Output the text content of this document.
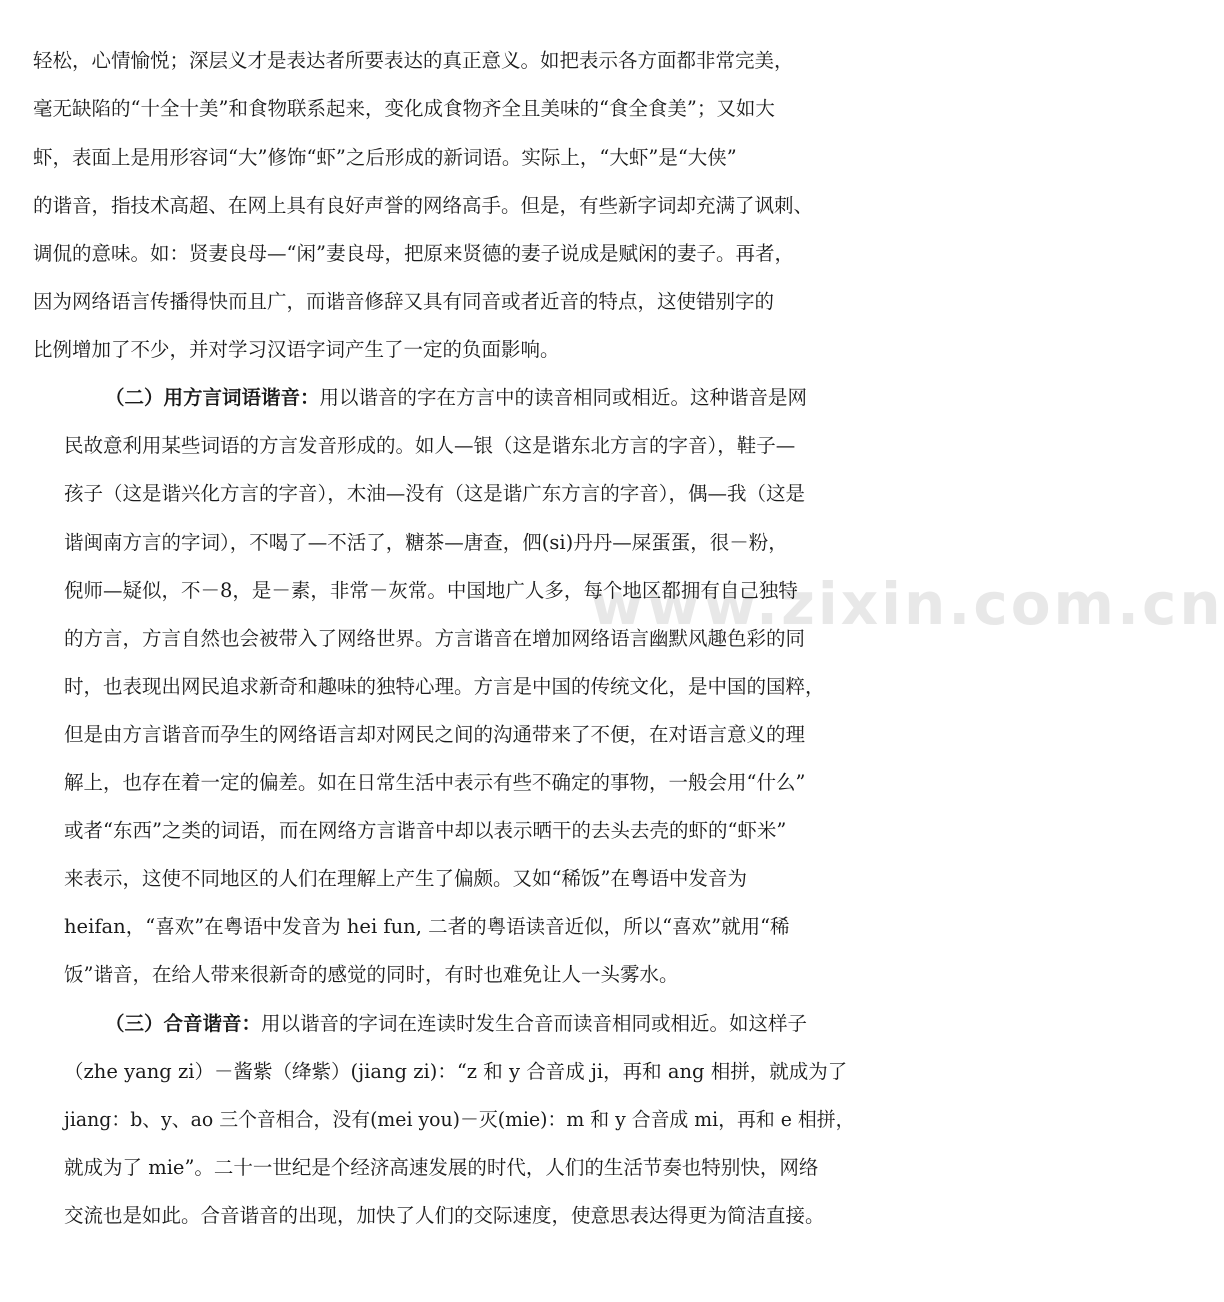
www.zixin.com.cn
轻松，心情愉悦；深层义才是表达者所要表达的真正意义。如把表示各方面都非常完美，
毫无缺陷的“十全十美”和食物联系起来，变化成食物齐全且美味的“食全食美”；又如大
虾，表面上是用形容词“大”修饰“虾”之后形成的新词语。实际上，“大虾”是“大侠”
的谐音，指技术高超、在网上具有良好声誉的网络高手。但是，有些新字词却充满了讽刺、
调侃的意味。如：贤妻良母—“闲”妻良母，把原来贤德的妻子说成是赋闲的妻子。再者，
因为网络语言传播得快而且广，而谐音修辞又具有同音或者近音的特点，这使错别字的
比例增加了不少，并对学习汉语字词产生了一定的负面影响。
（二）用方言词语谐音：用以谐音的字在方言中的读音相同或相近。这种谐音是网
民故意利用某些词语的方言发音形成的。如人—银（这是谐东北方言的字音），鞋子—
孩子（这是谐兴化方言的字音），木油—没有（这是谐广东方言的字音），偶—我（这是
谐闽南方言的字词），不喝了—不活了，糖茶—唐查，伵(si)丹丹—屎蛋蛋，很－粉，
倪师—疑似，不－8，是－素，非常－灰常。中国地广人多，每个地区都拥有自己独特
的方言，方言自然也会被带入了网络世界。方言谐音在增加网络语言幽默风趣色彩的同
时，也表现出网民追求新奇和趣味的独特心理。方言是中国的传统文化，是中国的国粹，
但是由方言谐音而孕生的网络语言却对网民之间的沟通带来了不便，在对语言意义的理
解上，也存在着一定的偏差。如在日常生活中表示有些不确定的事物，一般会用“什么”
或者“东西”之类的词语，而在网络方言谐音中却以表示晒干的去头去壳的虾的“虾米”
来表示，这使不同地区的人们在理解上产生了偏颇。又如“稀饭”在粤语中发音为
heifan，“喜欢”在粤语中发音为 hei fun, 二者的粤语读音近似，所以“喜欢”就用“稀
饭”谐音，在给人带来很新奇的感觉的同时，有时也难免让人一头雾水。
（三）合音谐音：用以谐音的字词在连读时发生合音而读音相同或相近。如这样子
（zhe yang zi）－酱紫（绛紫）(jiang zi)：“z 和 y 合音成 ji，再和 ang 相拼，就成为了
jiang：b、y、ao 三个音相合，没有(mei you)－灭(mie)：m 和 y 合音成 mi，再和 e 相拼，
就成为了 mie”。二十一世纪是个经济高速发展的时代，人们的生活节奏也特别快，网络
交流也是如此。合音谐音的出现，加快了人们的交际速度，使意思表达得更为简洁直接。
